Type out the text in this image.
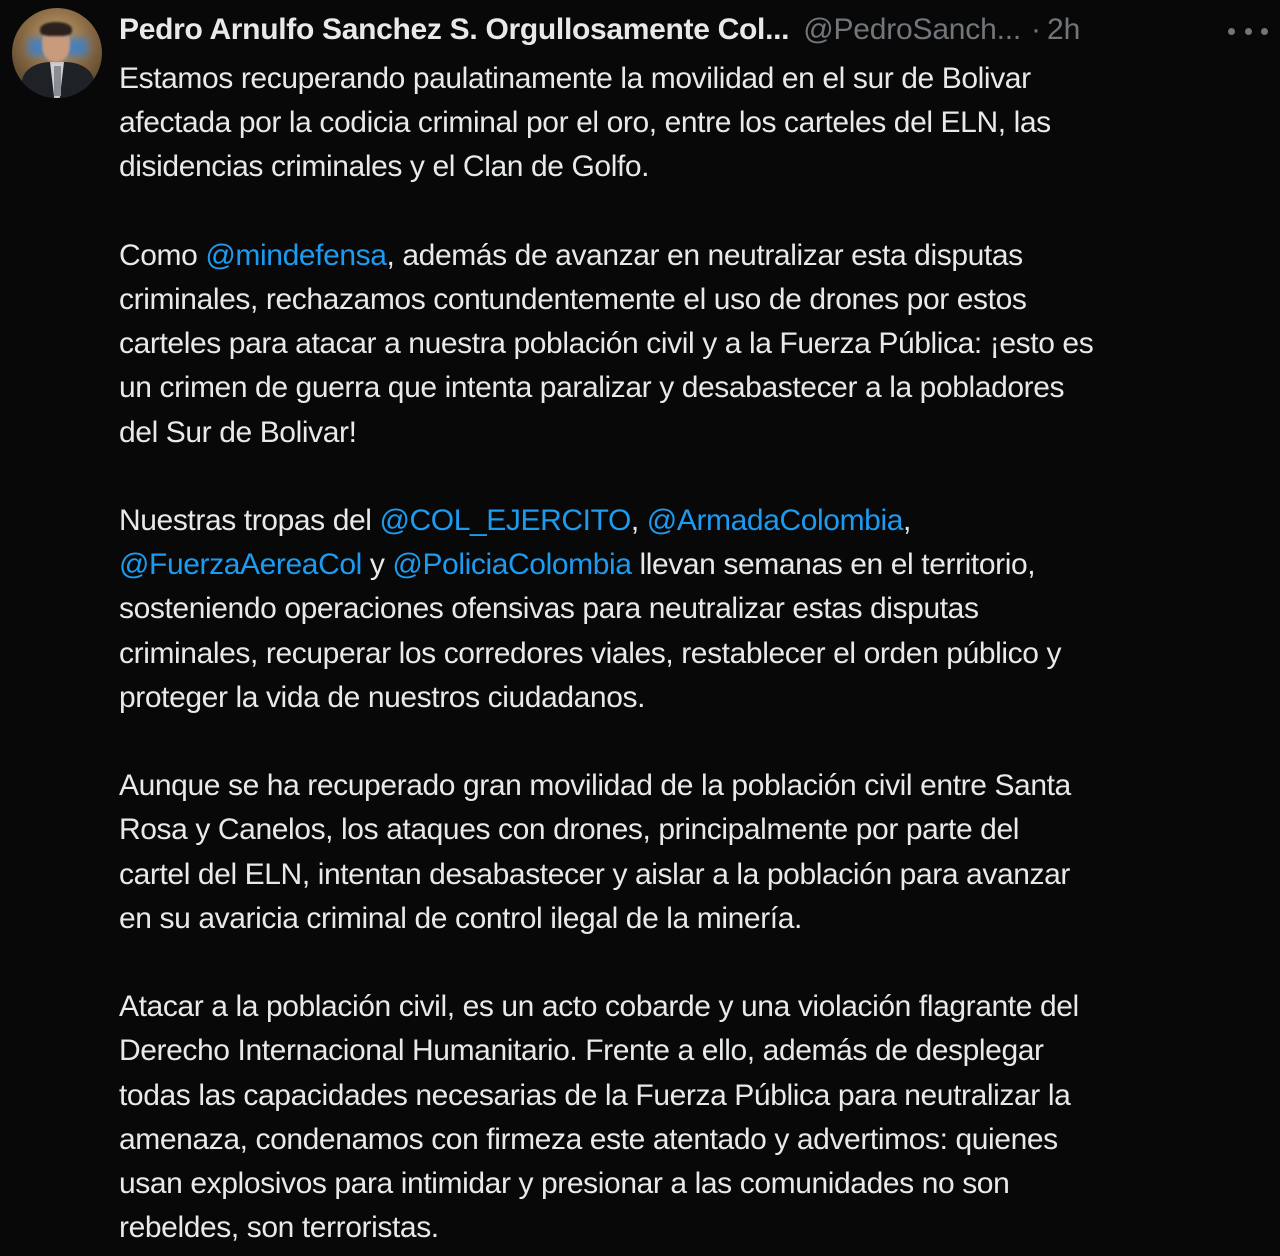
Pedro Arnulfo Sanchez S. Orgullosamente Col... @PedroSanch... · 2h
Estamos recuperando paulatinamente la movilidad en el sur de Bolivar
afectada por la codicia criminal por el oro, entre los carteles del ELN, las
disidencias criminales y el Clan de Golfo.
Como @mindefensa, además de avanzar en neutralizar esta disputas
criminales, rechazamos contundentemente el uso de drones por estos
carteles para atacar a nuestra población civil y a la Fuerza Pública: ¡esto es
un crimen de guerra que intenta paralizar y desabastecer a la pobladores
del Sur de Bolivar!
Nuestras tropas del @COL_EJERCITO, @ArmadaColombia,
@FuerzaAereaCol y @PoliciaColombia llevan semanas en el territorio,
sosteniendo operaciones ofensivas para neutralizar estas disputas
criminales, recuperar los corredores viales, restablecer el orden público y
proteger la vida de nuestros ciudadanos.
Aunque se ha recuperado gran movilidad de la población civil entre Santa
Rosa y Canelos, los ataques con drones, principalmente por parte del
cartel del ELN, intentan desabastecer y aislar a la población para avanzar
en su avaricia criminal de control ilegal de la minería.
Atacar a la población civil, es un acto cobarde y una violación flagrante del
Derecho Internacional Humanitario. Frente a ello, además de desplegar
todas las capacidades necesarias de la Fuerza Pública para neutralizar la
amenaza, condenamos con firmeza este atentado y advertimos: quienes
usan explosivos para intimidar y presionar a las comunidades no son
rebeldes, son terroristas.
